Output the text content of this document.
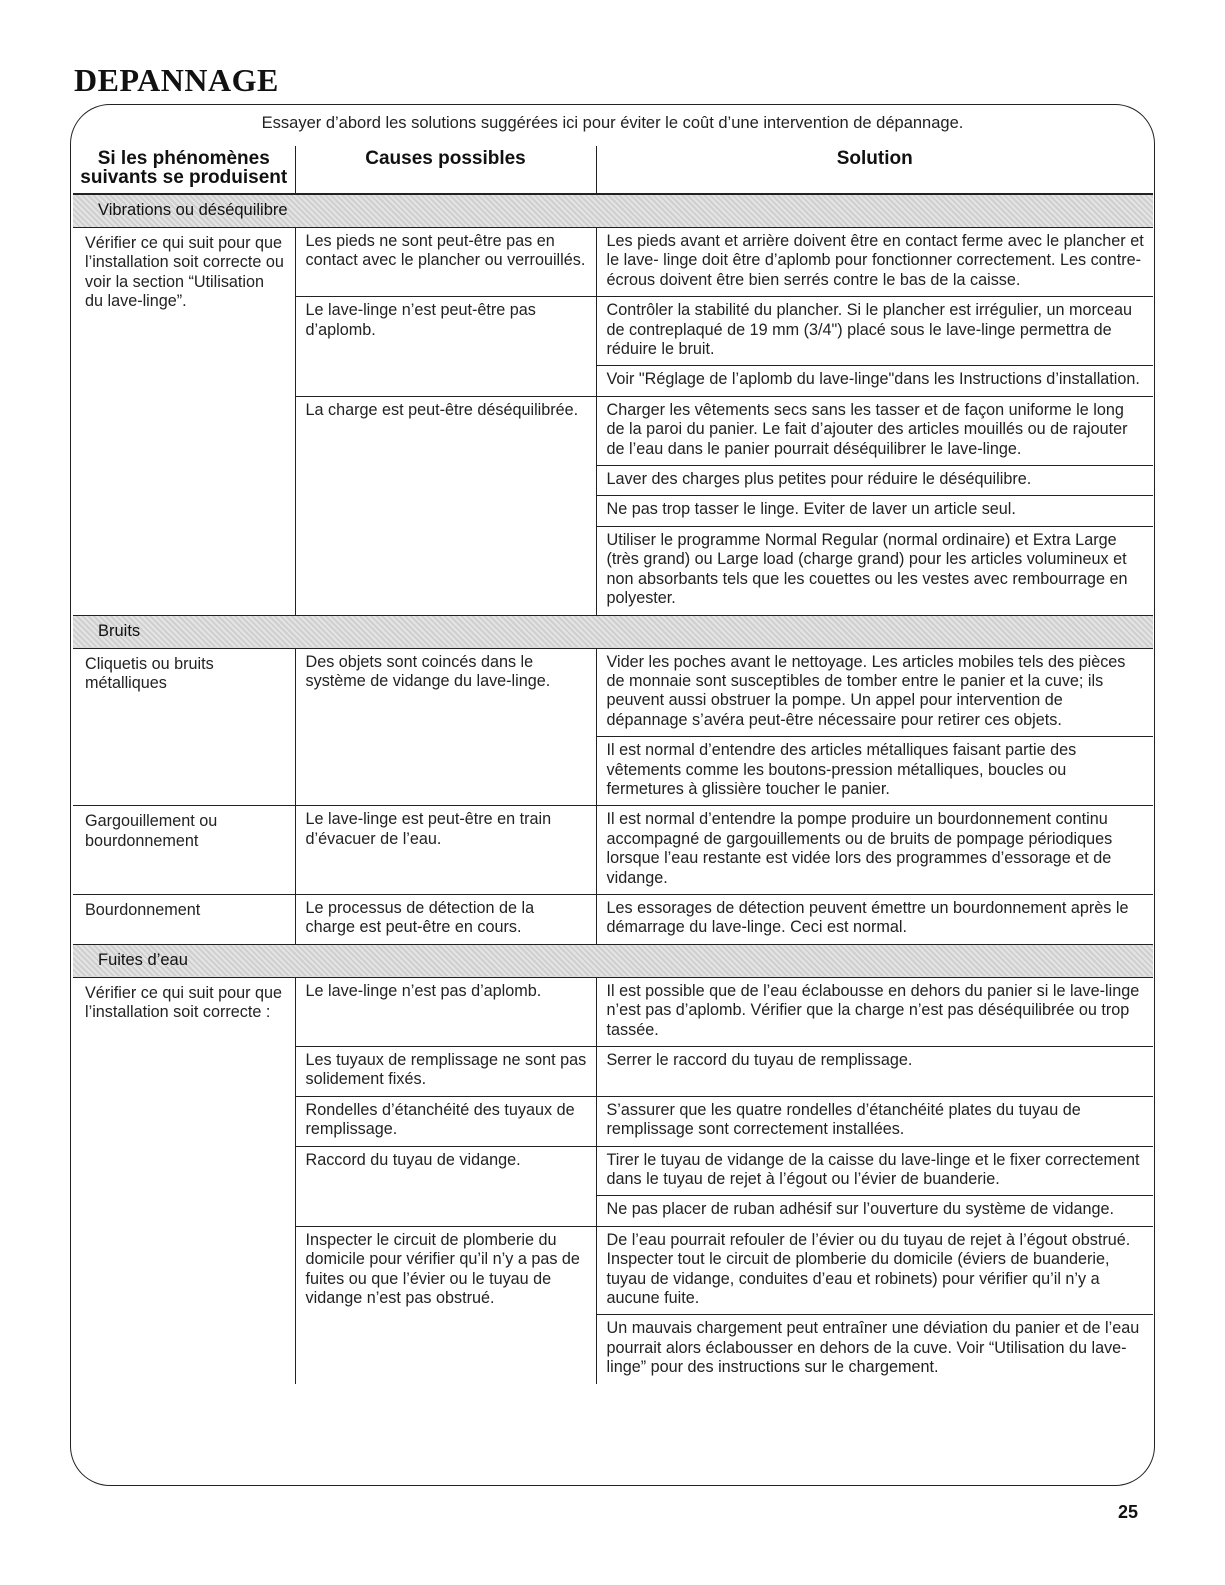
DEPANNAGE
Essayer d’abord les solutions suggérées ici pour éviter le coût d’une intervention de dépannage.
Si les phénomènes suivants se produisent	Causes possibles	Solution
Vibrations ou déséquilibre		
Vérifier ce qui suit pour que l’installation soit correcte ou voir la section “Utilisation du lave-linge”.	Les pieds ne sont peut-être pas en contact avec le plancher ou verrouillés.	Les pieds avant et arrière doivent être en contact ferme avec le plancher et le lave- linge doit être d’aplomb pour fonctionner correctement. Les contre-écrous doivent être bien serrés contre le bas de la caisse.
	Le lave-linge n’est peut-être pas d’aplomb.	Contrôler la stabilité du plancher. Si le plancher est irrégulier, un morceau de contreplaqué de 19 mm (3/4") placé sous le lave-linge permettra de réduire le bruit.
		Voir "Réglage de l’aplomb du lave-linge"dans les Instructions d’installation.
	La charge est peut-être déséquilibrée.	Charger les vêtements secs sans les tasser et de façon uniforme le long de la paroi du panier. Le fait d’ajouter des articles mouillés ou de rajouter de l’eau dans le panier pourrait déséquilibrer le lave-linge.
		Laver des charges plus petites pour réduire le déséquilibre.
		Ne pas trop tasser le linge. Eviter de laver un article seul.
		Utiliser le programme Normal Regular (normal ordinaire) et Extra Large (très grand) ou Large load (charge grand) pour les articles volumineux et non absorbants tels que les couettes ou les vestes avec rembourrage en polyester.
Bruits		
Cliquetis ou bruits métalliques	Des objets sont coincés dans le système de vidange du lave-linge.	Vider les poches avant le nettoyage. Les articles mobiles tels des pièces de monnaie sont susceptibles de tomber entre le panier et la cuve; ils peuvent aussi obstruer la pompe. Un appel pour intervention de dépannage s’avéra peut-être nécessaire pour retirer ces objets.
		Il est normal d’entendre des articles métalliques faisant partie des vêtements comme les boutons-pression métalliques, boucles ou fermetures à glissière toucher le panier.
Gargouillement ou bourdonnement	Le lave-linge est peut-être en train d’évacuer de l’eau.	Il est normal d’entendre la pompe produire un bourdonnement continu accompagné de gargouillements ou de bruits de pompage périodiques lorsque l’eau restante est vidée lors des programmes d’essorage et de vidange.
Bourdonnement	Le processus de détection de la charge est peut-être en cours.	Les essorages de détection peuvent émettre un bourdonnement après le démarrage du lave-linge. Ceci est normal.
Fuites d’eau		
Vérifier ce qui suit pour que l’installation soit correcte :	Le lave-linge n’est pas d’aplomb.	Il est possible que de l’eau éclabousse en dehors du panier si le lave-linge n’est pas d’aplomb. Vérifier que la charge n’est pas déséquilibrée ou trop tassée.
	Les tuyaux de remplissage ne sont pas solidement fixés.	Serrer le raccord du tuyau de remplissage.
	Rondelles d’étanchéité des tuyaux de remplissage.	S’assurer que les quatre rondelles d’étanchéité plates du tuyau de remplissage sont correctement installées.
	Raccord du tuyau de vidange.	Tirer le tuyau de vidange de la caisse du lave-linge et le fixer correctement dans le tuyau de rejet à l’égout ou l’évier de buanderie.
		Ne pas placer de ruban adhésif sur l’ouverture du système de vidange.
	Inspecter le circuit de plomberie du domicile pour vérifier qu’il n’y a pas de fuites ou que l’évier ou le tuyau de vidange n’est pas obstrué.	De l’eau pourrait refouler de l’évier ou du tuyau de rejet à l’égout obstrué. Inspecter tout le circuit de plomberie du domicile (éviers de buanderie, tuyau de vidange, conduites d’eau et robinets) pour vérifier qu’il n’y a aucune fuite.
		Un mauvais chargement peut entraîner une déviation du panier et de l’eau pourrait alors éclabousser en dehors de la cuve. Voir “Utilisation du lave-linge” pour des instructions sur le chargement.
25
